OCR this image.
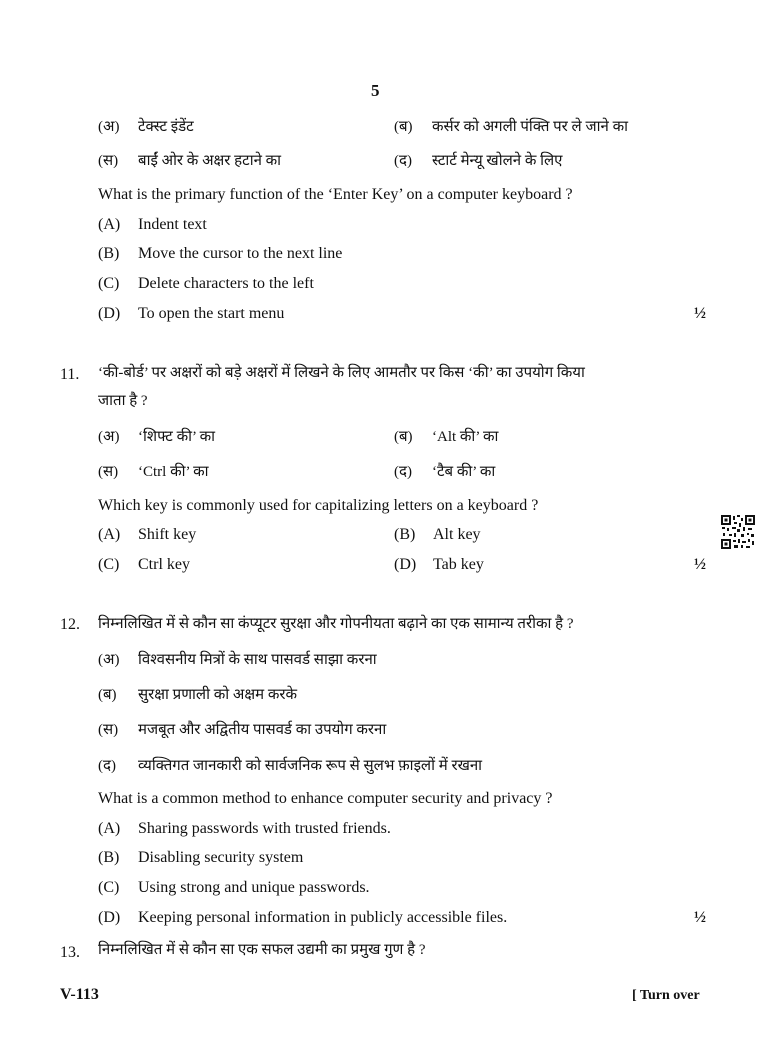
5
(अ) टेक्स्ट इंडेंट	(ब) कर्सर को अगली पंक्ति पर ले जाने का
(स) बाईं ओर के अक्षर हटाने का	(द) स्टार्ट मेन्यू खोलने के लिए
What is the primary function of the ‘Enter Key’ on a computer keyboard ?
(A) Indent text
(B) Move the cursor to the next line
(C) Delete characters to the left
(D) To open the start menu	½
11. ‘की-बोर्ड’ पर अक्षरों को बड़े अक्षरों में लिखने के लिए आमतौर पर किस ‘की’ का उपयोग किया
जाता है ?
(अ) ‘शिफ्ट की’ का	(ब) ‘Alt की’ का
(स) ‘Ctrl की’ का	(द) ‘टैब की’ का
Which key is commonly used for capitalizing letters on a keyboard ?
(A) Shift key	(B) Alt key
(C) Ctrl key	(D) Tab key	½
12. निम्नलिखित में से कौन सा कंप्यूटर सुरक्षा और गोपनीयता बढ़ाने का एक सामान्य तरीका है ?
(अ) विश्वसनीय मित्रों के साथ पासवर्ड साझा करना
(ब) सुरक्षा प्रणाली को अक्षम करके
(स) मजबूत और अद्वितीय पासवर्ड का उपयोग करना
(द) व्यक्तिगत जानकारी को सार्वजनिक रूप से सुलभ फ़ाइलों में रखना
What is a common method to enhance computer security and privacy ?
(A) Sharing passwords with trusted friends.
(B) Disabling security system
(C) Using strong and unique passwords.
(D) Keeping personal information in publicly accessible files.	½
13. निम्नलिखित में से कौन सा एक सफल उद्यमी का प्रमुख गुण है ?
V-113	[ Turn over
